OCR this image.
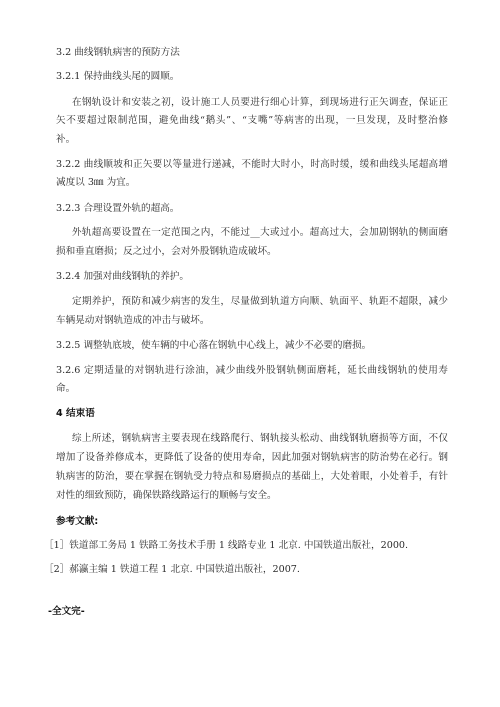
3.2 曲线钢轨病害的预防方法
3.2.1 保持曲线头尾的圆顺。
在钢轨设计和安装之初，设计施工人员要进行细心计算，到现场进行正矢调查，保证正
矢不要超过限制范围，避免曲线“鹅头”、“支嘴”等病害的出现，一旦发现，及时整治修
补。
3.2.2 曲线顺坡和正矢要以等量进行递减，不能时大时小，时高时缓，缓和曲线头尾超高增
减度以 3㎜ 为宜。
3.2.3 合理设置外轨的超高。
外轨超高要设置在一定范围之内，不能过__大或过小。超高过大，会加剧钢轨的侧面磨
损和垂直磨损；反之过小，会对外股钢轨造成破坏。
3.2.4 加强对曲线钢轨的养护。
定期养护，预防和减少病害的发生，尽量做到轨道方向顺、轨面平、轨距不超限，减少
车辆晃动对钢轨造成的冲击与破坏。
3.2.5 调整轨底坡，使车辆的中心落在钢轨中心线上，减少不必要的磨损。
3.2.6 定期适量的对钢轨进行涂油，减少曲线外股钢轨侧面磨耗，延长曲线钢轨的使用寿
命。
4 结束语
综上所述，钢轨病害主要表现在线路爬行、钢轨接头松动、曲线钢轨磨损等方面，不仅
增加了设备养修成本，更降低了设备的使用寿命，因此加强对钢轨病害的防治势在必行。钢
轨病害的防治，要在掌握在钢轨受力特点和易磨损点的基础上，大处着眼，小处着手，有针
对性的细致预防，确保铁路线路运行的顺畅与安全。
参考文献:
［1］铁道部工务局 1 铁路工务技术手册 1 线路专业 1 北京. 中国铁道出版社，2000.
［2］郝瀛主编 1 铁道工程 1 北京. 中国铁道出版社，2007.
-全文完-
